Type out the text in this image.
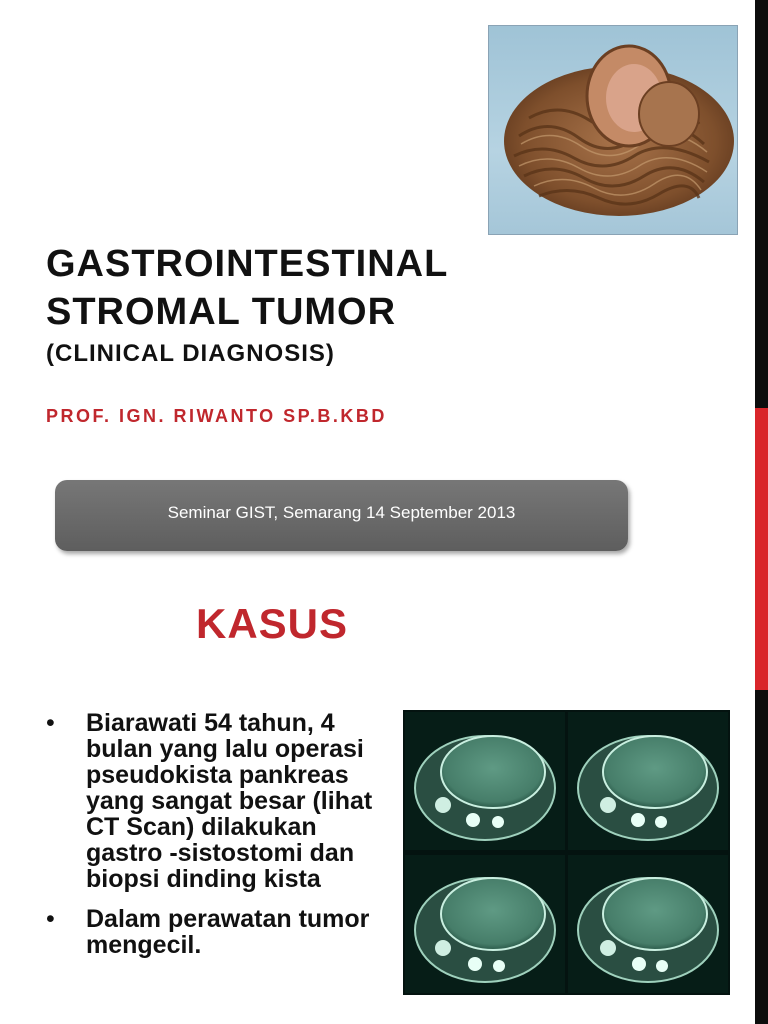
GASTROINTESTINAL
STROMAL TUMOR

(CLINICAL DIAGNOSIS)

PROF. IGN. RIWANTO SP.B.KBD

Seminar GIST, Semarang 14 September 2013
KASUS
• Biarawati 54 tahun, 4 bulan yang lalu operasi pseudokista pankreas yang sangat besar (lihat CT Scan) dilakukan gastro -sistostomi dan biopsi dinding kista
• Dalam perawatan tumor mengecil.
